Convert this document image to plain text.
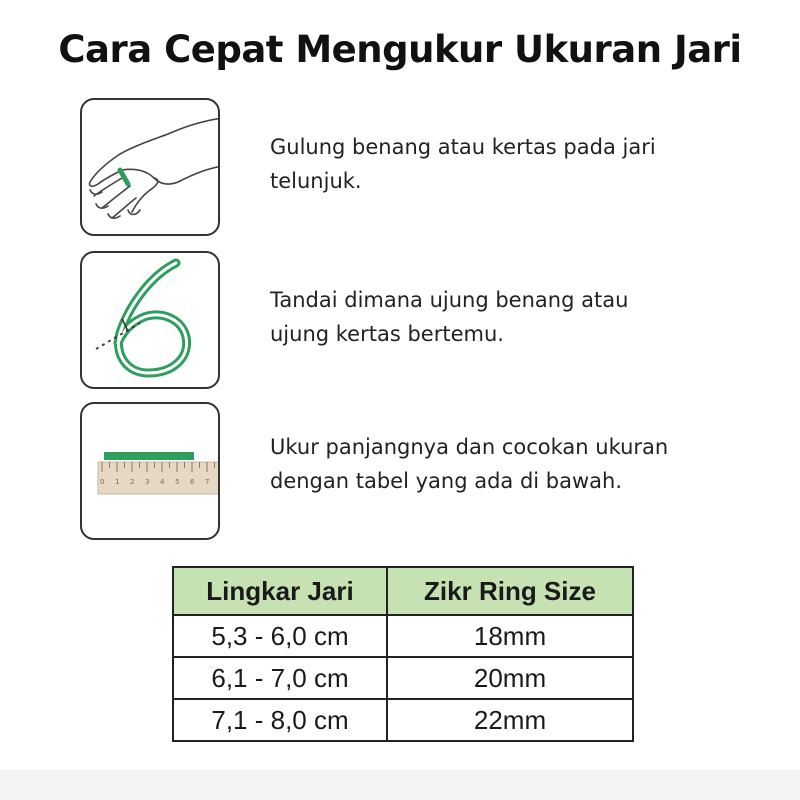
Cara Cepat Mengukur Ukuran Jari
Gulung benang atau kertas pada jari
telunjuk.
Tandai dimana ujung benang atau
ujung kertas bertemu.
0 1 2 3 4 5 6 7
Ukur panjangnya dan cocokan ukuran
dengan tabel yang ada di bawah.
Lingkar Jari	Zikr Ring Size
5,3 - 6,0 cm	18mm
6,1 - 7,0 cm	20mm
7,1 - 8,0 cm	22mm
